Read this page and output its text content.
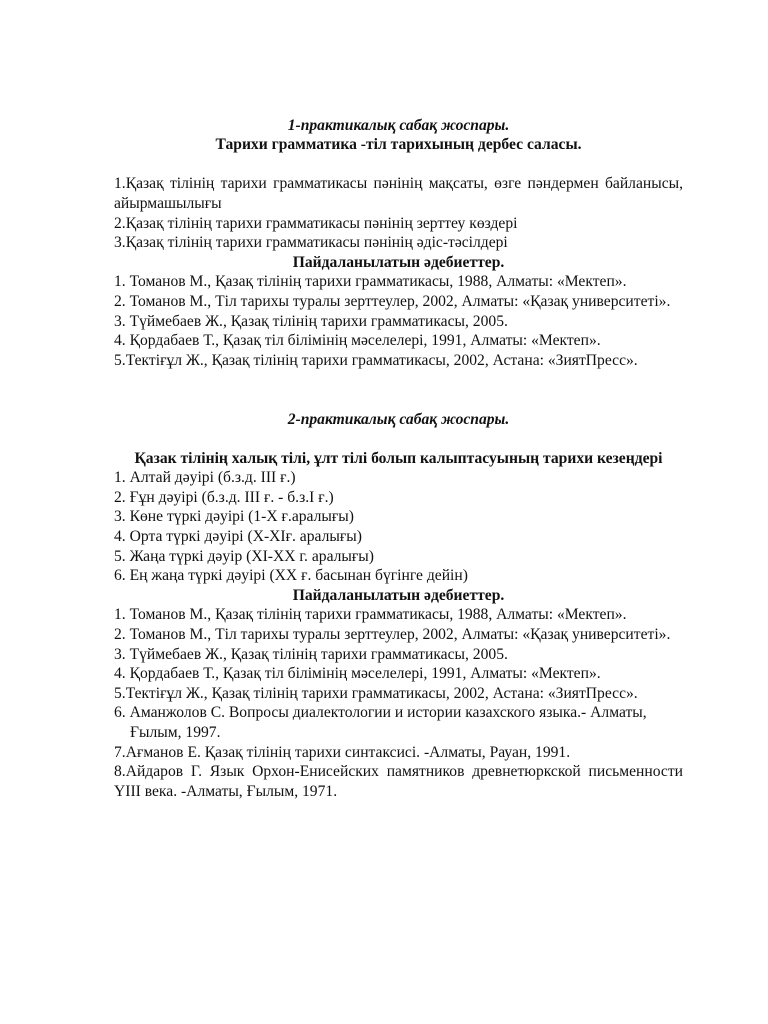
1-практикалық сабақ жоспары.

Тарихи грамматика -тіл тарихының дербес саласы.

1.Қазақ тілінің тарихи грамматикасы пәнінің мақсаты, өзге пәндермен байланысы, айырмашылығы

2.Қазақ тілінің тарихи грамматикасы пәнінің зерттеу көздері

3.Қазақ тілінің тарихи грамматикасы пәнінің әдіс-тәсілдері

Пайдаланылатын әдебиеттер.

1. Томанов М., Қазақ тілінің тарихи грамматикасы, 1988, Алматы: «Мектеп».

2. Томанов М., Тіл тарихы туралы зерттеулер, 2002, Алматы: «Қазақ университеті».

3. Түймебаев Ж., Қазақ тілінің тарихи грамматикасы, 2005.

4. Қордабаев Т., Қазақ тіл білімінің мәселелері, 1991, Алматы: «Мектеп».

5.Тектіғұл Ж., Қазақ тілінің тарихи грамматикасы, 2002, Астана: «ЗиятПресс».

2-практикалық сабақ жоспары.

Қазак тілінің халық тілі, ұлт тілі болып калыптасуының тарихи кезеңдері

1. Алтай дәуірі (б.з.д. ІІІ ғ.)

2. Ғұн дәуірі (б.з.д. ІІІ ғ. - б.з.І ғ.)

3. Көне түркі дәуірі (1-Х ғ.аралығы)

4. Орта түркі дәуірі (Х-ХІғ. аралығы)

5. Жаңа түркі дәуір (ХІ-ХХ г. аралығы)

6. Ең жаңа түркі дәуірі (ХХ ғ. басынан бүгінге дейін)

Пайдаланылатын әдебиеттер.

1. Томанов М., Қазақ тілінің тарихи грамматикасы, 1988, Алматы: «Мектеп».

2. Томанов М., Тіл тарихы туралы зерттеулер, 2002, Алматы: «Қазақ университеті».

3. Түймебаев Ж., Қазақ тілінің тарихи грамматикасы, 2005.

4. Қордабаев Т., Қазақ тіл білімінің мәселелері, 1991, Алматы: «Мектеп».

5.Тектіғұл Ж., Қазақ тілінің тарихи грамматикасы, 2002, Астана: «ЗиятПресс».

6. Аманжолов С. Вопросы диалектологии и истории казахского языка.- Алматы, Ғылым, 1997.

7.Ағманов Е. Қазақ тілінің тарихи синтаксисі. -Алматы, Рауан, 1991.

8.Айдаров Г. Язык Орхон-Енисейских памятников древнетюркской письменности ҮІІІ века. -Алматы, Ғылым, 1971.
